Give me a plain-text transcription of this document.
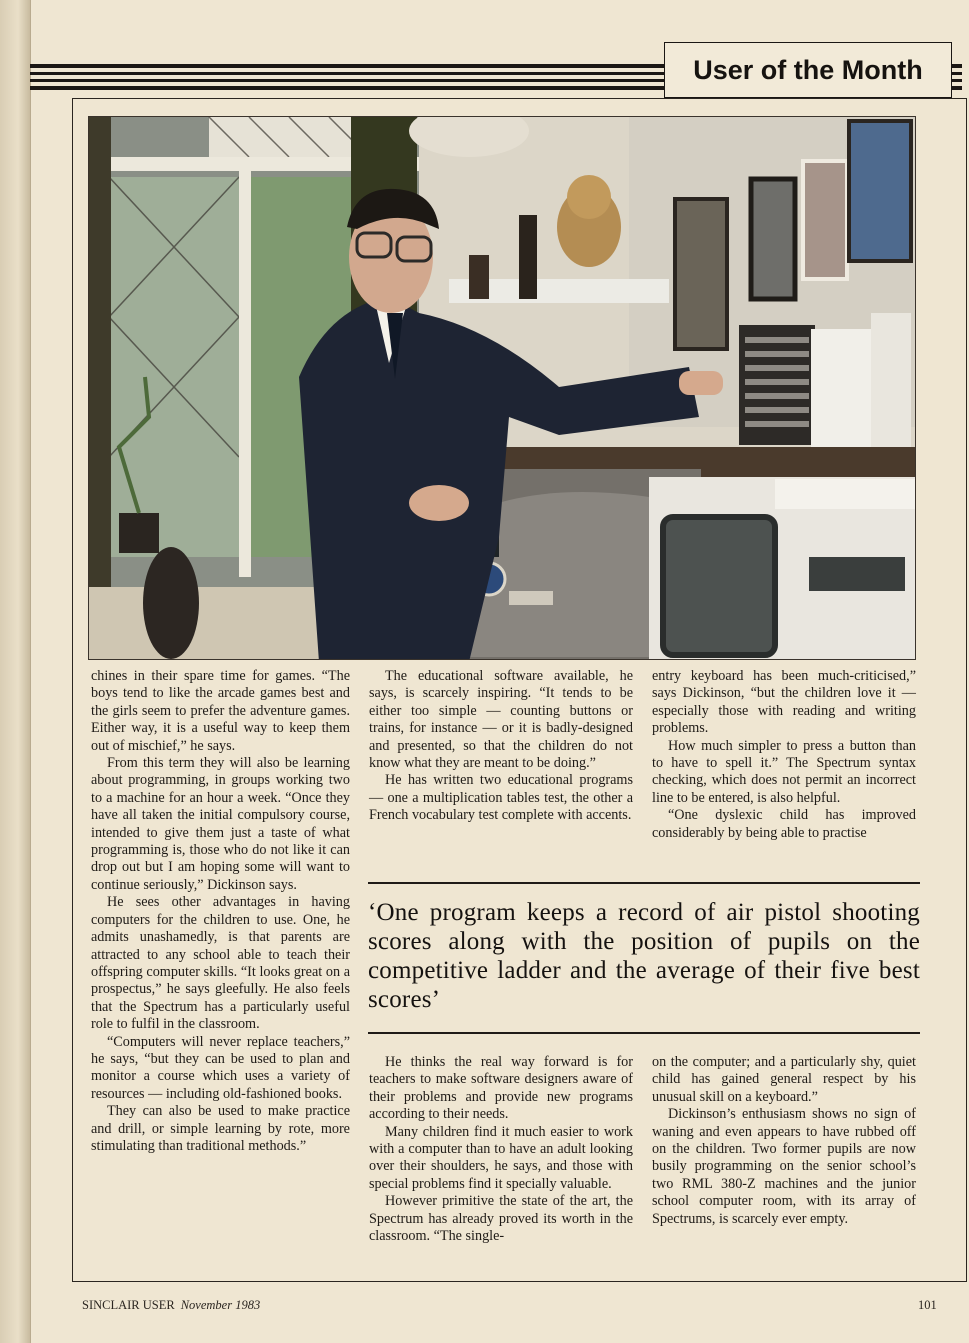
User of the Month

chines in their spare time for games. “The boys tend to like the arcade games best and the girls seem to prefer the adventure games. Either way, it is a useful way to keep them out of mischief,” he says.

From this term they will also be learning about programming, in groups working two to a machine for an hour a week. “Once they have all taken the initial compulsory course, intended to give them just a taste of what programming is, those who do not like it can drop out but I am hoping some will want to continue seriously,” Dickinson says.

He sees other advantages in having computers for the children to use. One, he admits unashamedly, is that parents are attracted to any school able to teach their offspring computer skills. “It looks great on a prospectus,” he says gleefully. He also feels that the Spectrum has a particularly useful role to fulfil in the classroom.

“Computers will never replace teachers,” he says, “but they can be used to plan and monitor a course which uses a variety of resources — including old-fashioned books.

They can also be used to make practice and drill, or simple learning by rote, more stimulating than traditional methods.”

The educational software available, he says, is scarcely inspiring. “It tends to be either too simple — counting buttons or trains, for instance — or it is badly-designed and presented, so that the children do not know what they are meant to be doing.”

He has written two educational programs — one a multiplication tables test, the other a French vocabulary test complete with accents.

entry keyboard has been much-criticised,” says Dickinson, “but the children love it — especially those with reading and writing problems.

How much simpler to press a button than to have to spell it.” The Spectrum syntax checking, which does not permit an incorrect line to be entered, is also helpful.

“One dyslexic child has improved considerably by being able to practise

‘One program keeps a record of air pistol shooting scores along with the position of pupils on the competitive ladder and the average of their five best scores’

He thinks the real way forward is for teachers to make software designers aware of their problems and provide new programs according to their needs.

Many children find it much easier to work with a computer than to have an adult looking over their shoulders, he says, and those with special problems find it specially valuable.

However primitive the state of the art, the Spectrum has already proved its worth in the classroom. “The single-

on the computer; and a particularly shy, quiet child has gained general respect by his unusual skill on a keyboard.”

Dickinson’s enthusiasm shows no sign of waning and even appears to have rubbed off on the children. Two former pupils are now busily programming on the senior school’s two RML 380-Z machines and the junior school computer room, with its array of Spectrums, is scarcely ever empty.

SINCLAIR USER November 1983	101
